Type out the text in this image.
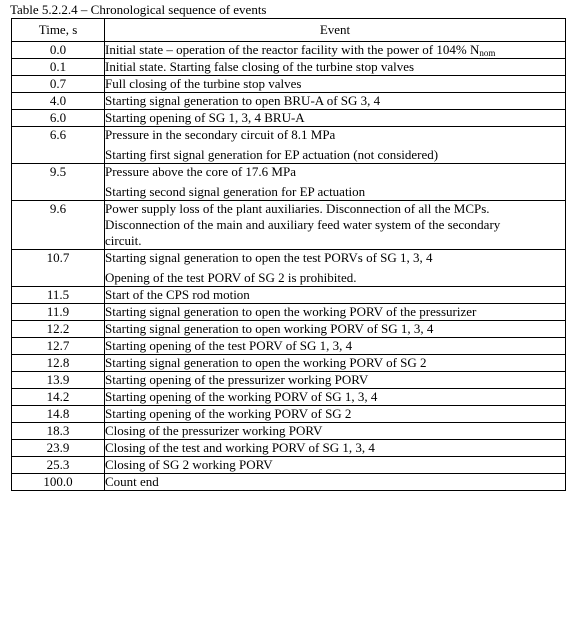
Table 5.2.2.4 – Chronological sequence of events
Time, s	Event
0.0	Initial state – operation of the reactor facility with the power of 104% $N_{nom}$

0.1	Initial state. Starting false closing of the turbine stop valves

0.7	Full closing of the turbine stop valves

4.0	Starting signal generation to open BRU-A of SG 3, 4

6.0	Starting opening of SG 1, 3, 4 BRU-A

6.6	Pressure in the secondary circuit of 8.1 MPa
Starting first signal generation for EP actuation (not considered)

9.5	Pressure above the core of 17.6 MPa
Starting second signal generation for EP actuation

9.6	Power supply loss of the plant auxiliaries. Disconnection of all the MCPs.
Disconnection of the main and auxiliary feed water system of the secondary
circuit.

10.7	Starting signal generation to open the test PORVs of SG 1, 3, 4
Opening of the test PORV of SG 2 is prohibited.

11.5	Start of the CPS rod motion

11.9	Starting signal generation to open the working PORV of the pressurizer

12.2	Starting signal generation to open working PORV of SG 1, 3, 4

12.7	Starting opening of the test PORV of SG 1, 3, 4

12.8	Starting signal generation to open the working PORV of SG 2

13.9	Starting opening of the pressurizer working PORV

14.2	Starting opening of the working PORV of SG 1, 3, 4

14.8	Starting opening of the working PORV of SG 2

18.3	Closing of the pressurizer working PORV

23.9	Closing of the test and working PORV of SG 1, 3, 4

25.3	Closing of SG 2 working PORV

100.0	Count end
